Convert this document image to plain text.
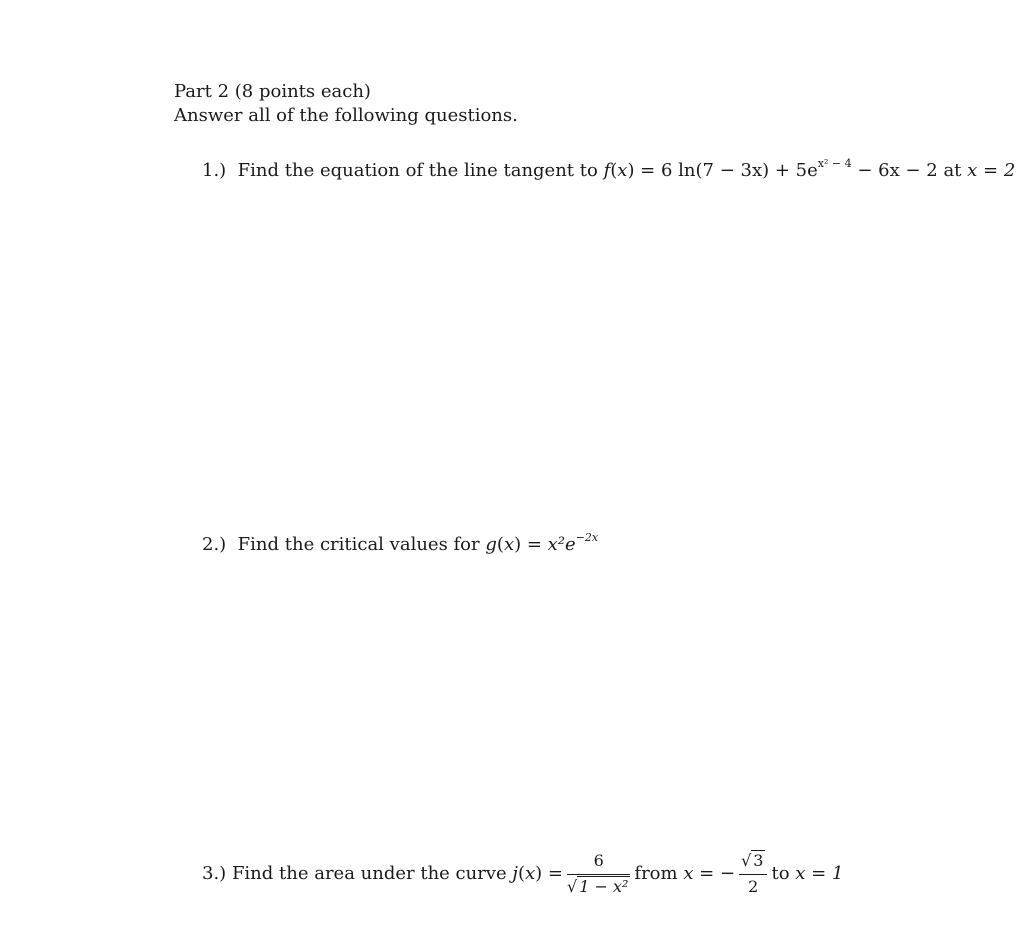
Part 2 (8 points each)
Answer all of the following questions.
1.) Find the equation of the line tangent to f(x) = 6 $\ln(7 - 3x) + 5e^{x^2 - 4} - 6x - 2$ at x = 2
2.) Find the critical values for $g(x) = x^2e^{-2x}$
3.)
Find the area under the curve
j ( x ) = $\frac{6}{\text{√ 1 − x²}}$ from
x = − $\frac{√ 3}{2}$ to
x = 1
